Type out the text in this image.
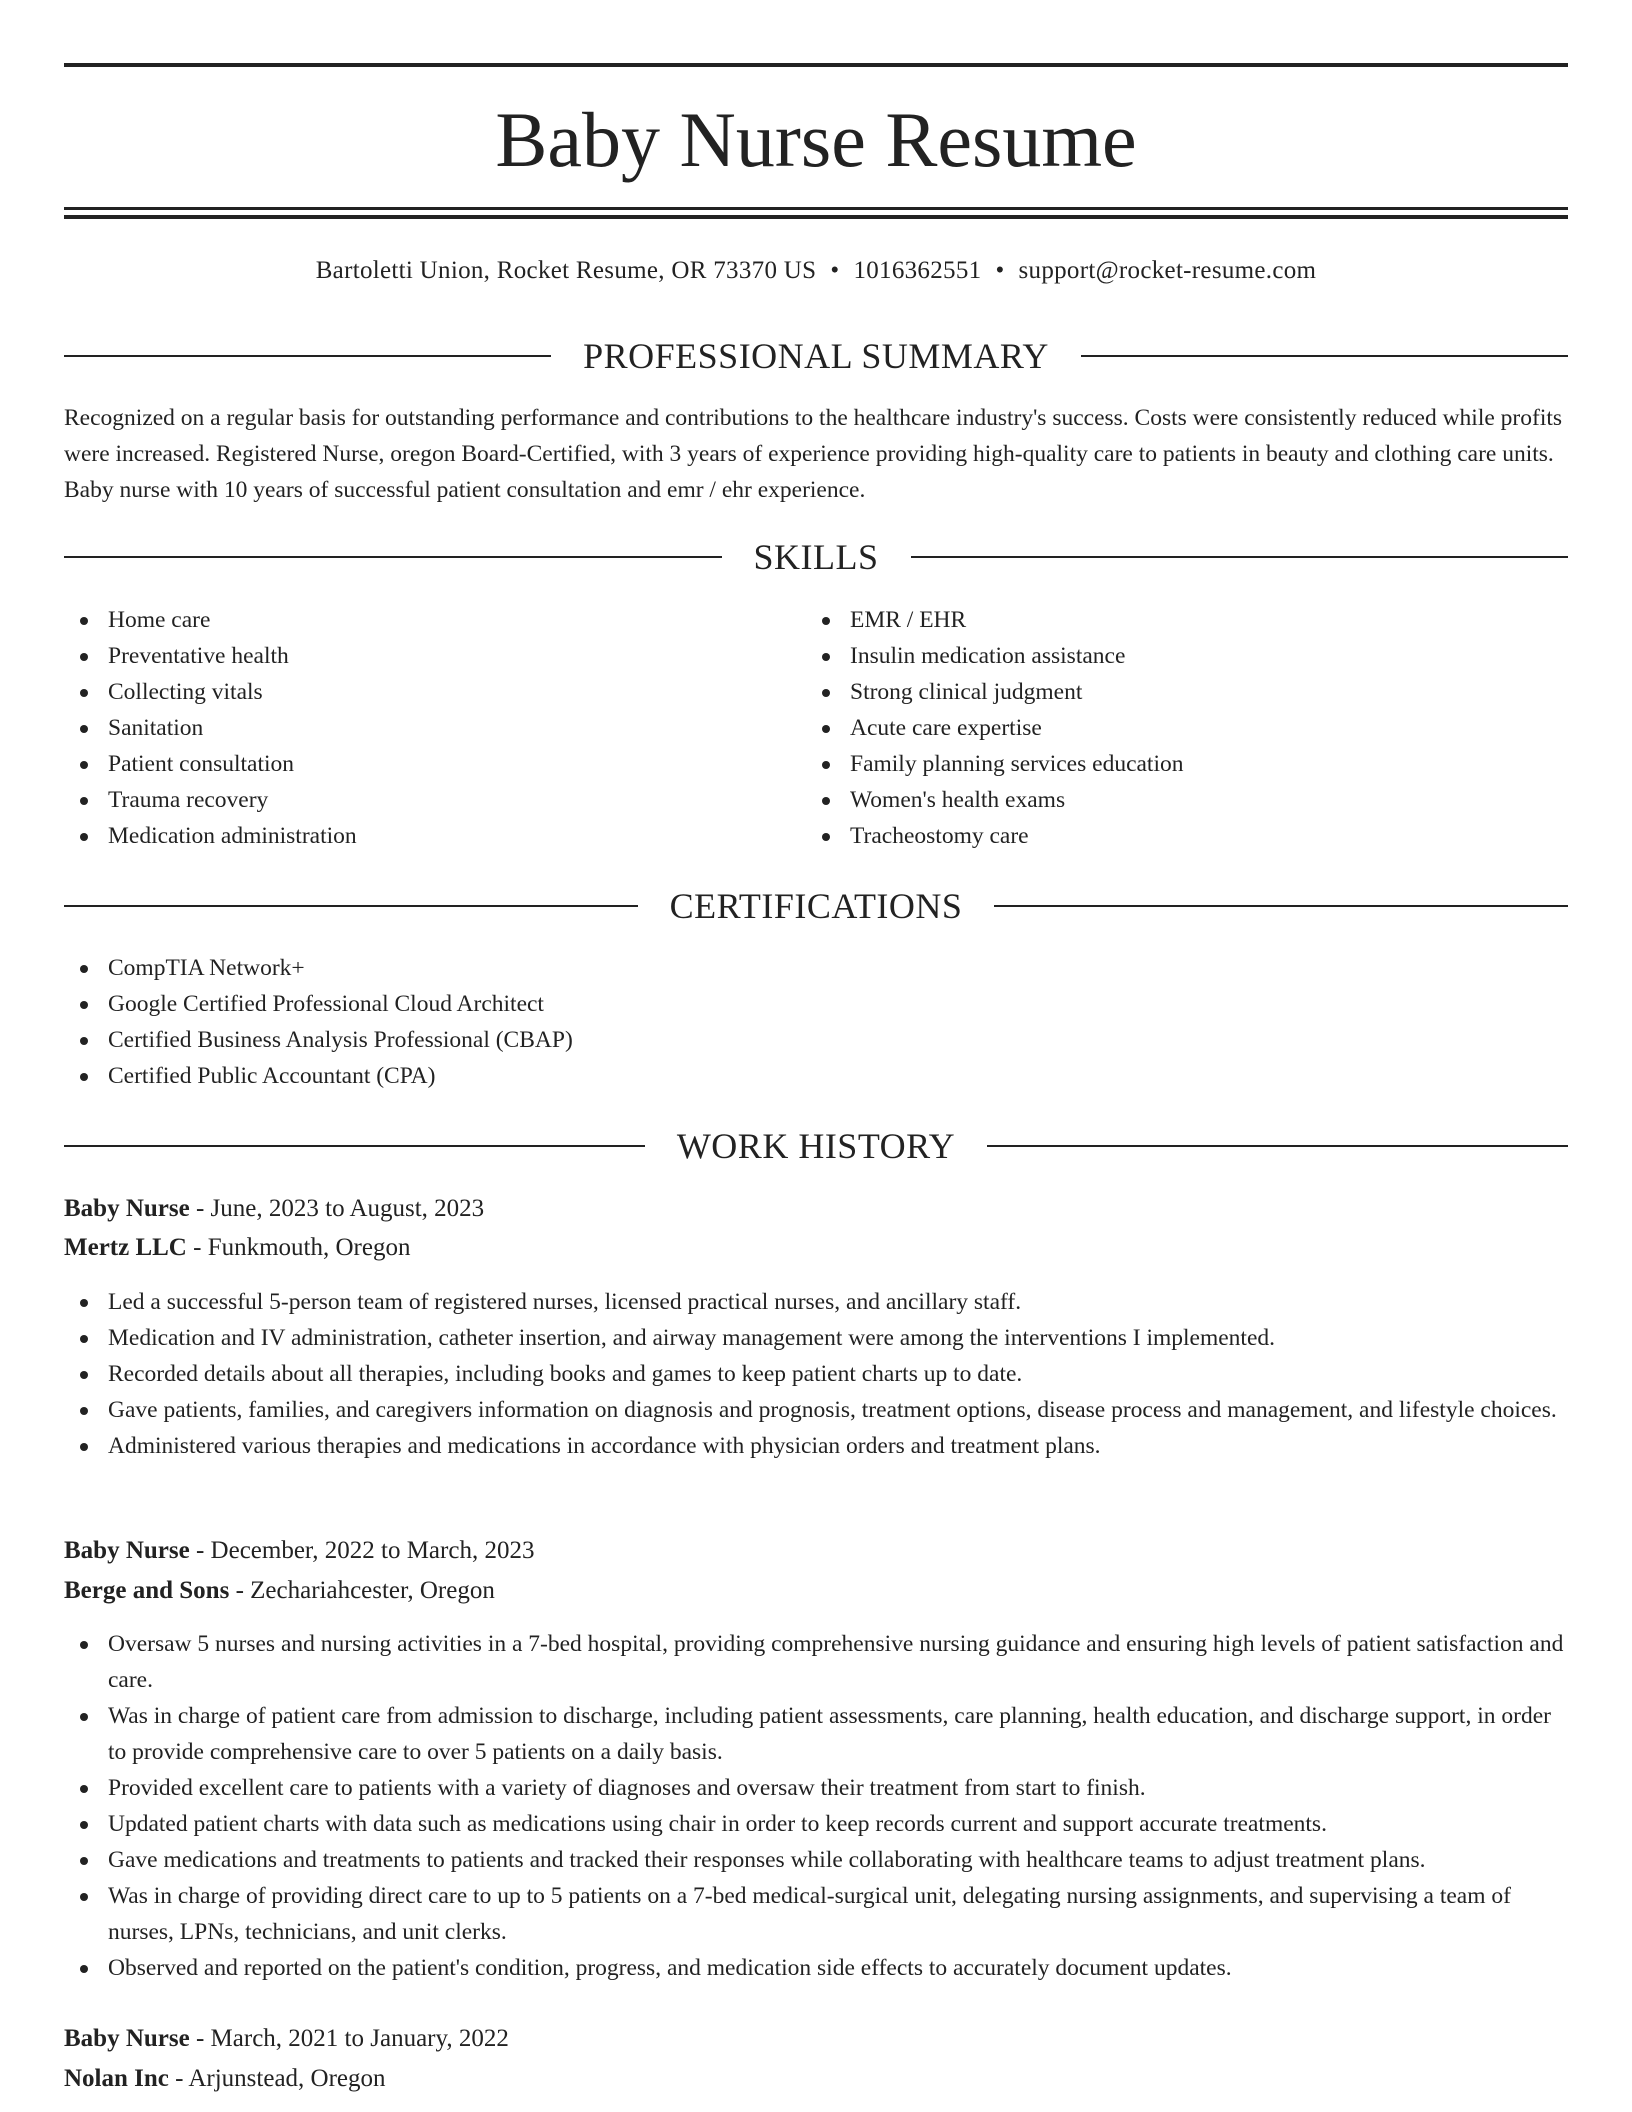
Baby Nurse Resume
Bartoletti Union, Rocket Resume, OR 73370 US • 1016362551 • support@rocket-resume.com
PROFESSIONAL SUMMARY

Recognized on a regular basis for outstanding performance and contributions to the healthcare industry's success. Costs were consistently reduced while profits were increased. Registered Nurse, oregon Board-Certified, with 3 years of experience providing high-quality care to patients in beauty and clothing care units. Baby nurse with 10 years of successful patient consultation and emr / ehr experience.

SKILLS
Home care
Preventative health
Collecting vitals
Sanitation
Patient consultation
Trauma recovery
Medication administration
EMR / EHR
Insulin medication assistance
Strong clinical judgment
Acute care expertise
Family planning services education
Women's health exams
Tracheostomy care
CERTIFICATIONS
CompTIA Network+
Google Certified Professional Cloud Architect
Certified Business Analysis Professional (CBAP)
Certified Public Accountant (CPA)
WORK HISTORY
Baby Nurse - June, 2023 to August, 2023
Mertz LLC - Funkmouth, Oregon
Led a successful 5-person team of registered nurses, licensed practical nurses, and ancillary staff.
Medication and IV administration, catheter insertion, and airway management were among the interventions I implemented.
Recorded details about all therapies, including books and games to keep patient charts up to date.
Gave patients, families, and caregivers information on diagnosis and prognosis, treatment options, disease process and management, and lifestyle choices.
Administered various therapies and medications in accordance with physician orders and treatment plans.
Baby Nurse - December, 2022 to March, 2023
Berge and Sons - Zechariahcester, Oregon
Oversaw 5 nurses and nursing activities in a 7-bed hospital, providing comprehensive nursing guidance and ensuring high levels of patient satisfaction and care.
Was in charge of patient care from admission to discharge, including patient assessments, care planning, health education, and discharge support, in order to provide comprehensive care to over 5 patients on a daily basis.
Provided excellent care to patients with a variety of diagnoses and oversaw their treatment from start to finish.
Updated patient charts with data such as medications using chair in order to keep records current and support accurate treatments.
Gave medications and treatments to patients and tracked their responses while collaborating with healthcare teams to adjust treatment plans.
Was in charge of providing direct care to up to 5 patients on a 7-bed medical-surgical unit, delegating nursing assignments, and supervising a team of nurses, LPNs, technicians, and unit clerks.
Observed and reported on the patient's condition, progress, and medication side effects to accurately document updates.
Baby Nurse - March, 2021 to January, 2022
Nolan Inc - Arjunstead, Oregon
